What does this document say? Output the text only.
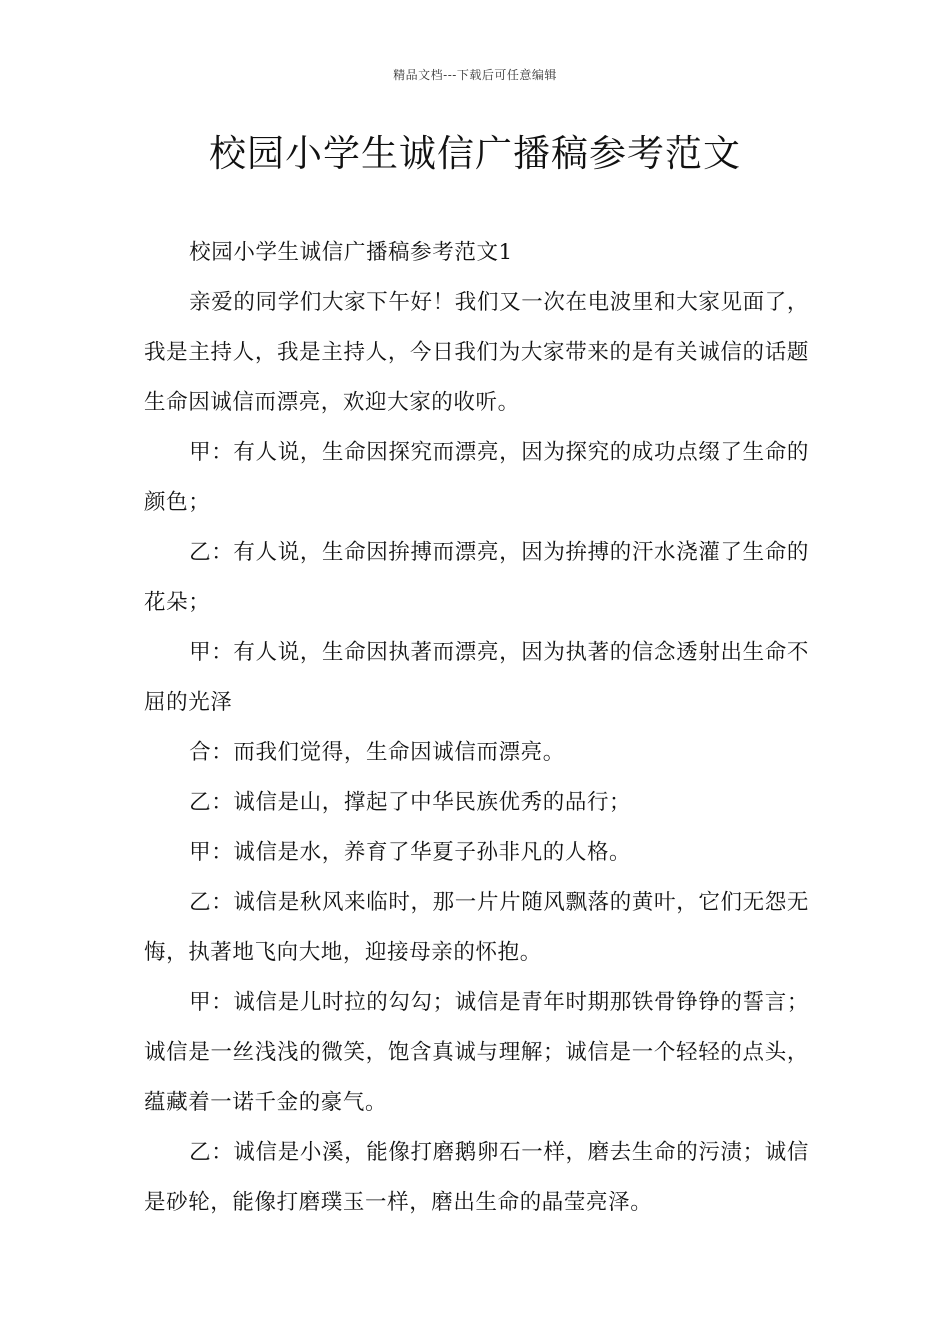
精品文档---下载后可任意编辑
校园小学生诚信广播稿参考范文

校园小学生诚信广播稿参考范文1

亲爱的同学们大家下午好！我们又一次在电波里和大家见面了，我是主持人，我是主持人，今日我们为大家带来的是有关诚信的话题生命因诚信而漂亮，欢迎大家的收听。

甲：有人说，生命因探究而漂亮，因为探究的成功点缀了生命的颜色；

乙：有人说，生命因拚搏而漂亮，因为拚搏的汗水浇灌了生命的花朵；

甲：有人说，生命因执著而漂亮，因为执著的信念透射出生命不屈的光泽

合：而我们觉得，生命因诚信而漂亮。

乙：诚信是山，撑起了中华民族优秀的品行；

甲：诚信是水，养育了华夏子孙非凡的人格。

乙：诚信是秋风来临时，那一片片随风飘落的黄叶，它们无怨无悔，执著地飞向大地，迎接母亲的怀抱。

甲：诚信是儿时拉的勾勾；诚信是青年时期那铁骨铮铮的誓言；诚信是一丝浅浅的微笑，饱含真诚与理解；诚信是一个轻轻的点头，蕴藏着一诺千金的豪气。

乙：诚信是小溪，能像打磨鹅卵石一样，磨去生命的污渍；诚信是砂轮，能像打磨璞玉一样，磨出生命的晶莹亮泽。
